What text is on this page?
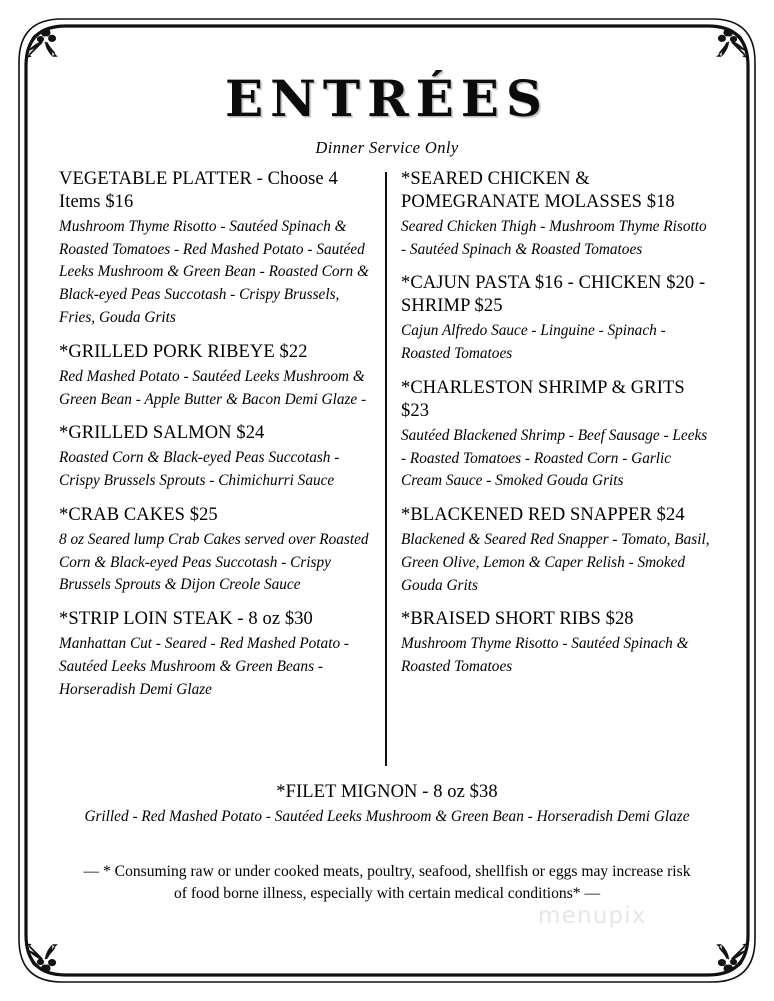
ENTRÉES

Dinner Service Only

VEGETABLE PLATTER - Choose 4 Items $16

Mushroom Thyme Risotto - Sautéed Spinach & Roasted Tomatoes - Red Mashed Potato - Sautéed Leeks Mushroom & Green Bean - Roasted Corn & Black-eyed Peas Succotash - Crispy Brussels, Fries, Gouda Grits

*GRILLED PORK RIBEYE $22

Red Mashed Potato - Sautéed Leeks Mushroom & Green Bean - Apple Butter & Bacon Demi Glaze -

*GRILLED SALMON $24

Roasted Corn & Black-eyed Peas Succotash - Crispy Brussels Sprouts - Chimichurri Sauce

*CRAB CAKES $25

8 oz Seared lump Crab Cakes served over Roasted Corn & Black-eyed Peas Succotash - Crispy Brussels Sprouts & Dijon Creole Sauce

*STRIP LOIN STEAK - 8 oz $30

Manhattan Cut - Seared - Red Mashed Potato - Sautéed Leeks Mushroom & Green Beans - Horseradish Demi Glaze

*SEARED CHICKEN & POMEGRANATE MOLASSES $18

Seared Chicken Thigh - Mushroom Thyme Risotto - Sautéed Spinach & Roasted Tomatoes

*CAJUN PASTA $16 - CHICKEN $20 - SHRIMP $25

Cajun Alfredo Sauce - Linguine - Spinach - Roasted Tomatoes

*CHARLESTON SHRIMP & GRITS $23

Sautéed Blackened Shrimp - Beef Sausage - Leeks - Roasted Tomatoes - Roasted Corn - Garlic Cream Sauce - Smoked Gouda Grits

*BLACKENED RED SNAPPER $24

Blackened & Seared Red Snapper - Tomato, Basil, Green Olive, Lemon & Caper Relish - Smoked Gouda Grits

*BRAISED SHORT RIBS $28

Mushroom Thyme Risotto - Sautéed Spinach & Roasted Tomatoes

*FILET MIGNON - 8 oz $38

Grilled - Red Mashed Potato - Sautéed Leeks Mushroom & Green Bean - Horseradish Demi Glaze

— * Consuming raw or under cooked meats, poultry, seafood, shellfish or eggs may increase risk of food borne illness, especially with certain medical conditions* —

menupix
